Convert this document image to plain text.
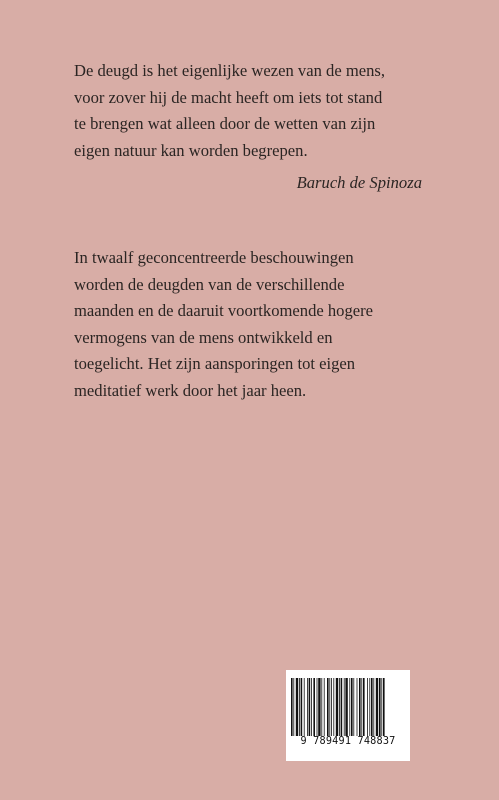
De deugd is het eigenlijke wezen van de mens,
voor zover hij de macht heeft om iets tot stand
te brengen wat alleen door de wetten van zijn
eigen natuur kan worden begrepen.
Baruch de Spinoza
In twaalf geconcentreerde beschouwingen
worden de deugden van de verschillende
maanden en de daaruit voortkomende hogere
vermogens van de mens ontwikkeld en
toegelicht. Het zijn aansporingen tot eigen
meditatief werk door het jaar heen.
9 789491 748837
